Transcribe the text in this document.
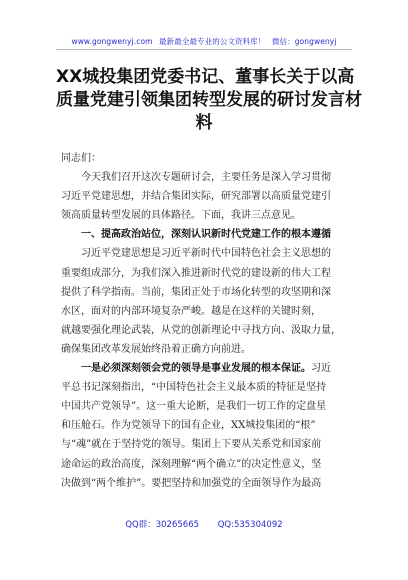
www.gongwenyj.com 最新最全最专业的公文资料库！ 微信：gongwenyj
XX城投集团党委书记、董事长关于以高
质量党建引领集团转型发展的研讨发言材
料
同志们：
今天我们召开这次专题研讨会，主要任务是深入学习贯彻
习近平党建思想，并结合集团实际，研究部署以高质量党建引
领高质量转型发展的具体路径。下面，我讲三点意见。
一、提高政治站位，深刻认识新时代党建工作的根本遵循
习近平党建思想是习近平新时代中国特色社会主义思想的
重要组成部分，为我们深入推进新时代党的建设新的伟大工程
提供了科学指南。当前，集团正处于市场化转型的攻坚期和深
水区，面对的内部环境复杂严峻。越是在这样的关键时刻，
就越要强化理论武装，从党的创新理论中寻找方向、汲取力量，
确保集团改革发展始终沿着正确方向前进。
一是必须深刻领会党的领导是事业发展的根本保证。习近
平总书记深刻指出，“中国特色社会主义最本质的特征是坚持
中国共产党领导”。这一重大论断，是我们一切工作的定盘星
和压舱石。作为党领导下的国有企业，XX城投集团的“根”
与“魂”就在于坚持党的领导。集团上下要从关系党和国家前
途命运的政治高度，深刻理解“两个确立”的决定性意义，坚
决做到“两个维护”。要把坚持和加强党的全面领导作为最高
QQ群：30265665 QQ:535304092
